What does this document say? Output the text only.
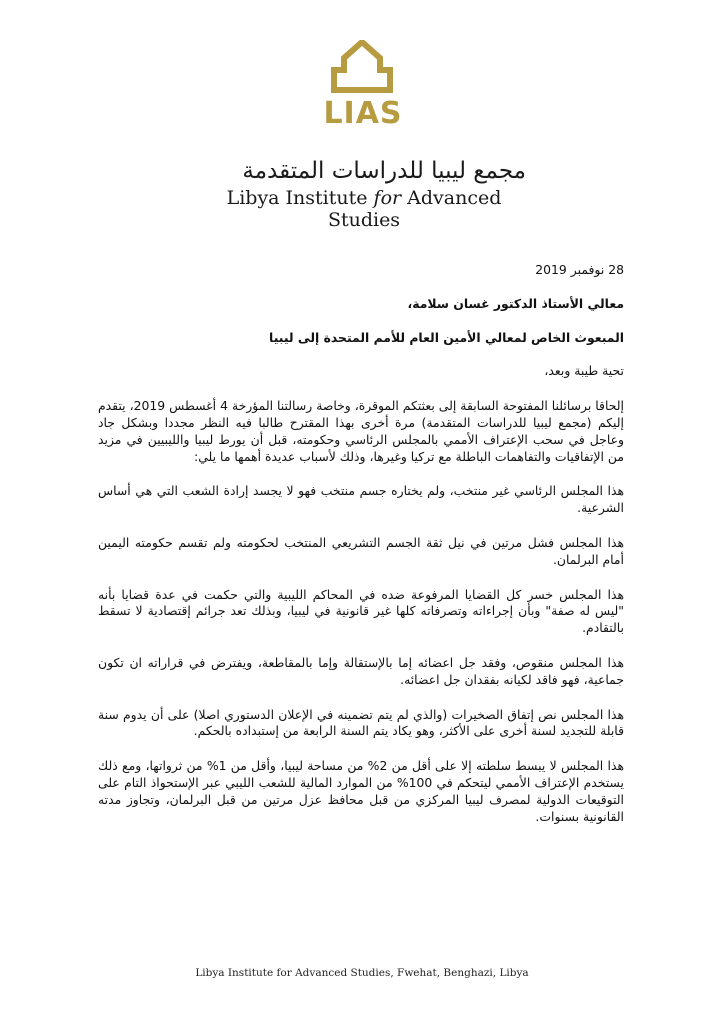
LIAS
مجمع ليبيا للدراسات المتقدمة
Libya Institute for Advanced Studies

28 نوفمبر 2019

معالي الأستاذ الدكتور غسان سلامة،

المبعوث الخاص لمعالي الأمين العام للأمم المتحدة إلى ليبيا

تحية طيبة وبعد،

إلحاقا برسائلنا المفتوحة السابقة إلى بعثتكم الموقرة، وخاصة رسالتنا المؤرخة 4 أغسطس 2019، يتقدم إليكم (مجمع ليبيا للدراسات المتقدمة) مرة أخرى بهذا المقترح طالبا فيه النظر مجددا وبشكل جاد وعاجل في سحب الإعتراف الأممي بالمجلس الرئاسي وحكومته، قبل أن يورط ليبيا والليبيين في مزيد من الإتفاقيات والتفاهمات الباطلة مع تركيا وغيرها، وذلك لأسباب عديدة أهمها ما يلي:

هذا المجلس الرئاسي غير منتخب، ولم يختاره جسم منتخب فهو لا يجسد إرادة الشعب التي هي أساس الشرعية.

هذا المجلس فشل مرتين في نيل ثقة الجسم التشريعي المنتخب لحكومته ولم تقسم حكومته اليمين أمام البرلمان.

هذا المجلس خسر كل القضايا المرفوعة ضده في المحاكم الليبية والتي حكمت في عدة قضايا بأنه "ليس له صفة" وبأن إجراءاته وتصرفاته كلها غير قانونية في ليبيا، وبذلك تعد جرائم إقتصادية لا تسقط بالتقادم.

هذا المجلس منقوص، وفقد جل اعضائه إما بالإستقالة وإما بالمقاطعة، ويفترض في قراراته ان تكون جماعية، فهو فاقد لكيانه بفقدان جل اعضائه.

هذا المجلس نص إتفاق الصخيرات (والذي لم يتم تضمينه في الإعلان الدستوري اصلا) على أن يدوم سنة قابلة للتجديد لسنة أخرى على الأكثر، وهو يكاد يتم السنة الرابعة من إستبداده بالحكم.

هذا المجلس لا يبسط سلطته إلا على أقل من 2% من مساحة ليبيا، وأقل من 1% من ثرواتها، ومع ذلك يستخدم الإعتراف الأممي ليتحكم في 100% من الموارد المالية للشعب الليبي عبر الإستحواذ التام على التوقيعات الدولية لمصرف ليبيا المركزي من قبل محافظ عزل مرتين من قبل البرلمان، وتجاوز مدته القانونية بسنوات.

Libya Institute for Advanced Studies, Fwehat, Benghazi, Libya
